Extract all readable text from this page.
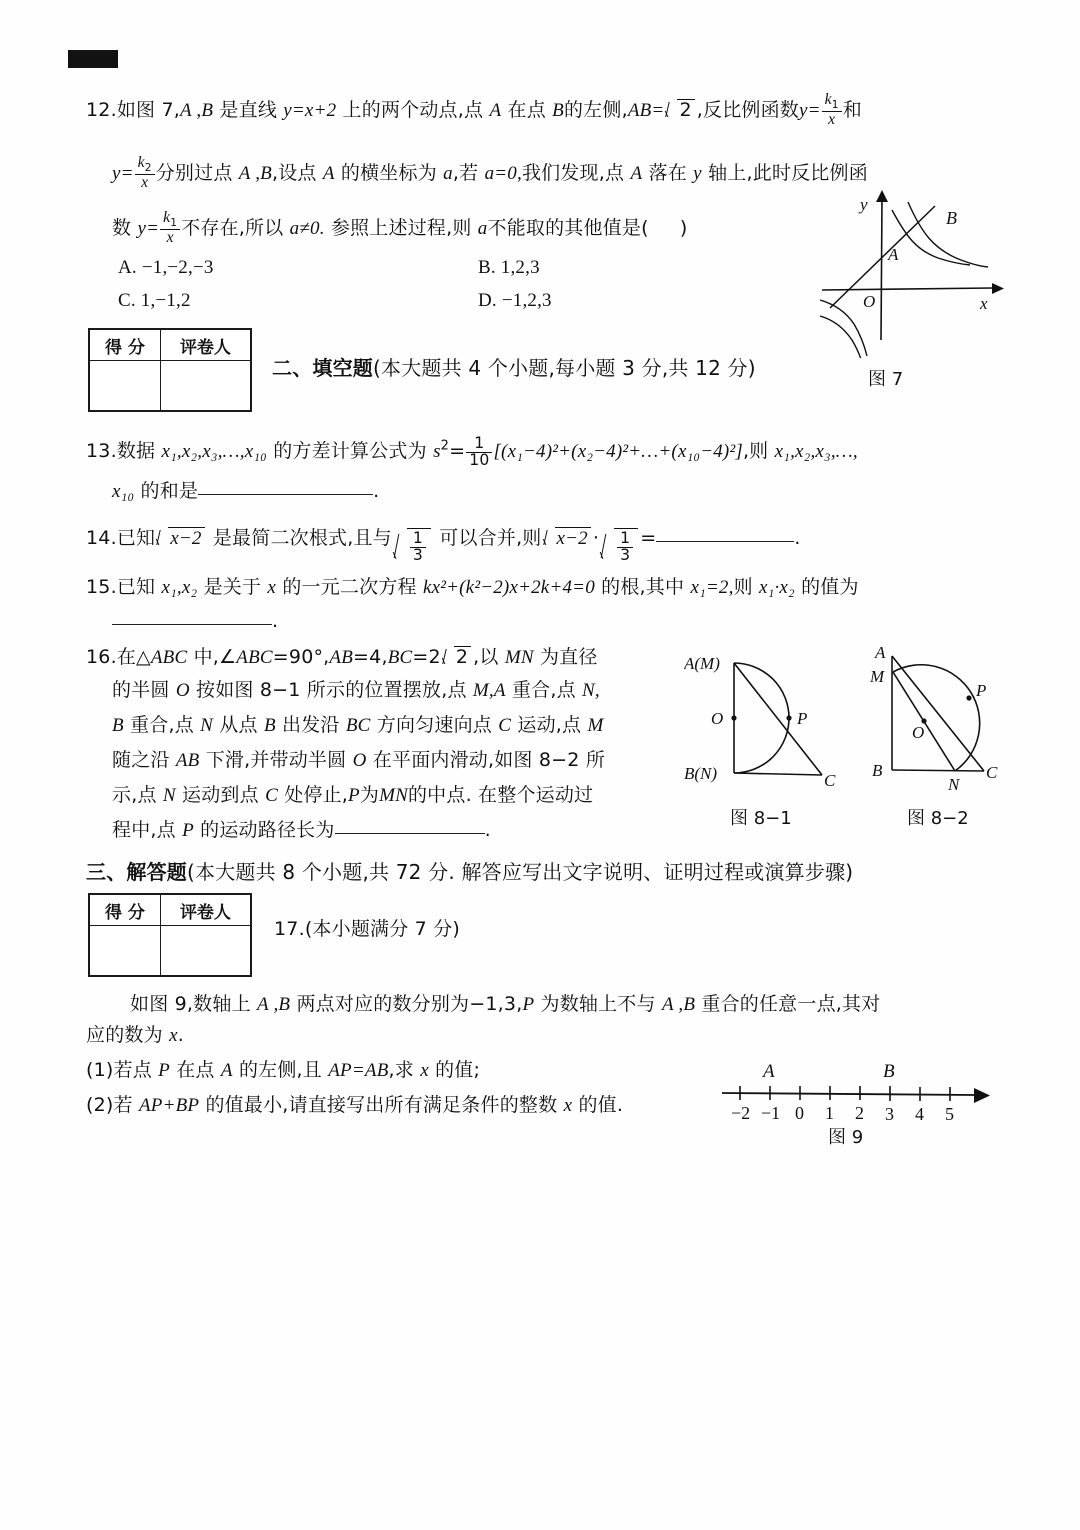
12.如图 7,A ,B 是直线 y=x+2 上的两个动点,点 A 在点 B的左侧,AB= 2 ,反比例函数$y= \frac{k_1}{x}$ 和
$y= \frac{k_2}{x}$ 分别过点 A ,B,设点 A 的横坐标为 a,若 a=0,我们发现,点 A 落在 y 轴上,此时反比例函
数 $y= \frac{k_1}{x}$ 不存在,所以 a≠0. 参照上述过程,则 a不能取的其他值是( )
A. −1,−2,−3	B. 1,2,3
C. 1,−1,2	D. −1,2,3
y
x
O
A
B
图 7
得 分	评卷人

二、填空题(本大题共 4 个小题,每小题 3 分,共 12 分)
13.数据 x₁,x₂,x₃,…,x₁₀ 的方差计算公式为 $s^2= \frac{1}{10}$ [(x₁−4)²+(x₂−4)²+…+(x₁₀−4)²],则 x₁,x₂,x₃,…,
x₁₀ 的和是	.
14.已知 x−2 是最简二次根式,且与 $\frac{1}{3}$ 可以合并,则 $x-2 \cdot \frac{1}{3}$ =	.
15.已知 x₁,x₂ 是关于 x 的一元二次方程 kx²+(k²−2)x+2k+4=0 的根,其中 x₁=2,则 x₁·x₂ 的值为
.
16.在△ABC 中,∠ABC=90°,AB=4,BC=2 2 ,以 MN 为直径
的半圆 O 按如图 8−1 所示的位置摆放,点 M,A 重合,点 N,
B 重合,点 N 从点 B 出发沿 BC 方向匀速向点 C 运动,点 M
随之沿 AB 下滑,并带动半圆 O 在平面内滑动,如图 8−2 所
示,点 N 运动到点 C 处停止,P为MN的中点. 在整个运动过
程中,点 P 的运动路径长为	.
A(M)
B(N)
O	P
C
图 8−1
A
M
B	C
N
O
P
图 8−2
三、解答题(本大题共 8 个小题,共 72 分. 解答应写出文字说明、证明过程或演算步骤)
得 分	评卷人

17.(本小题满分 7 分)
如图 9,数轴上 A ,B 两点对应的数分别为−1,3,P 为数轴上不与 A ,B 重合的任意一点,其对
应的数为 x.
(1)若点 P 在点 A 的左侧,且 AP=AB,求 x 的值;
(2)若 AP+BP 的值最小,请直接写出所有满足条件的整数 x 的值.	−2 −1 0 1 2 3 4 5
A	B
图 9
